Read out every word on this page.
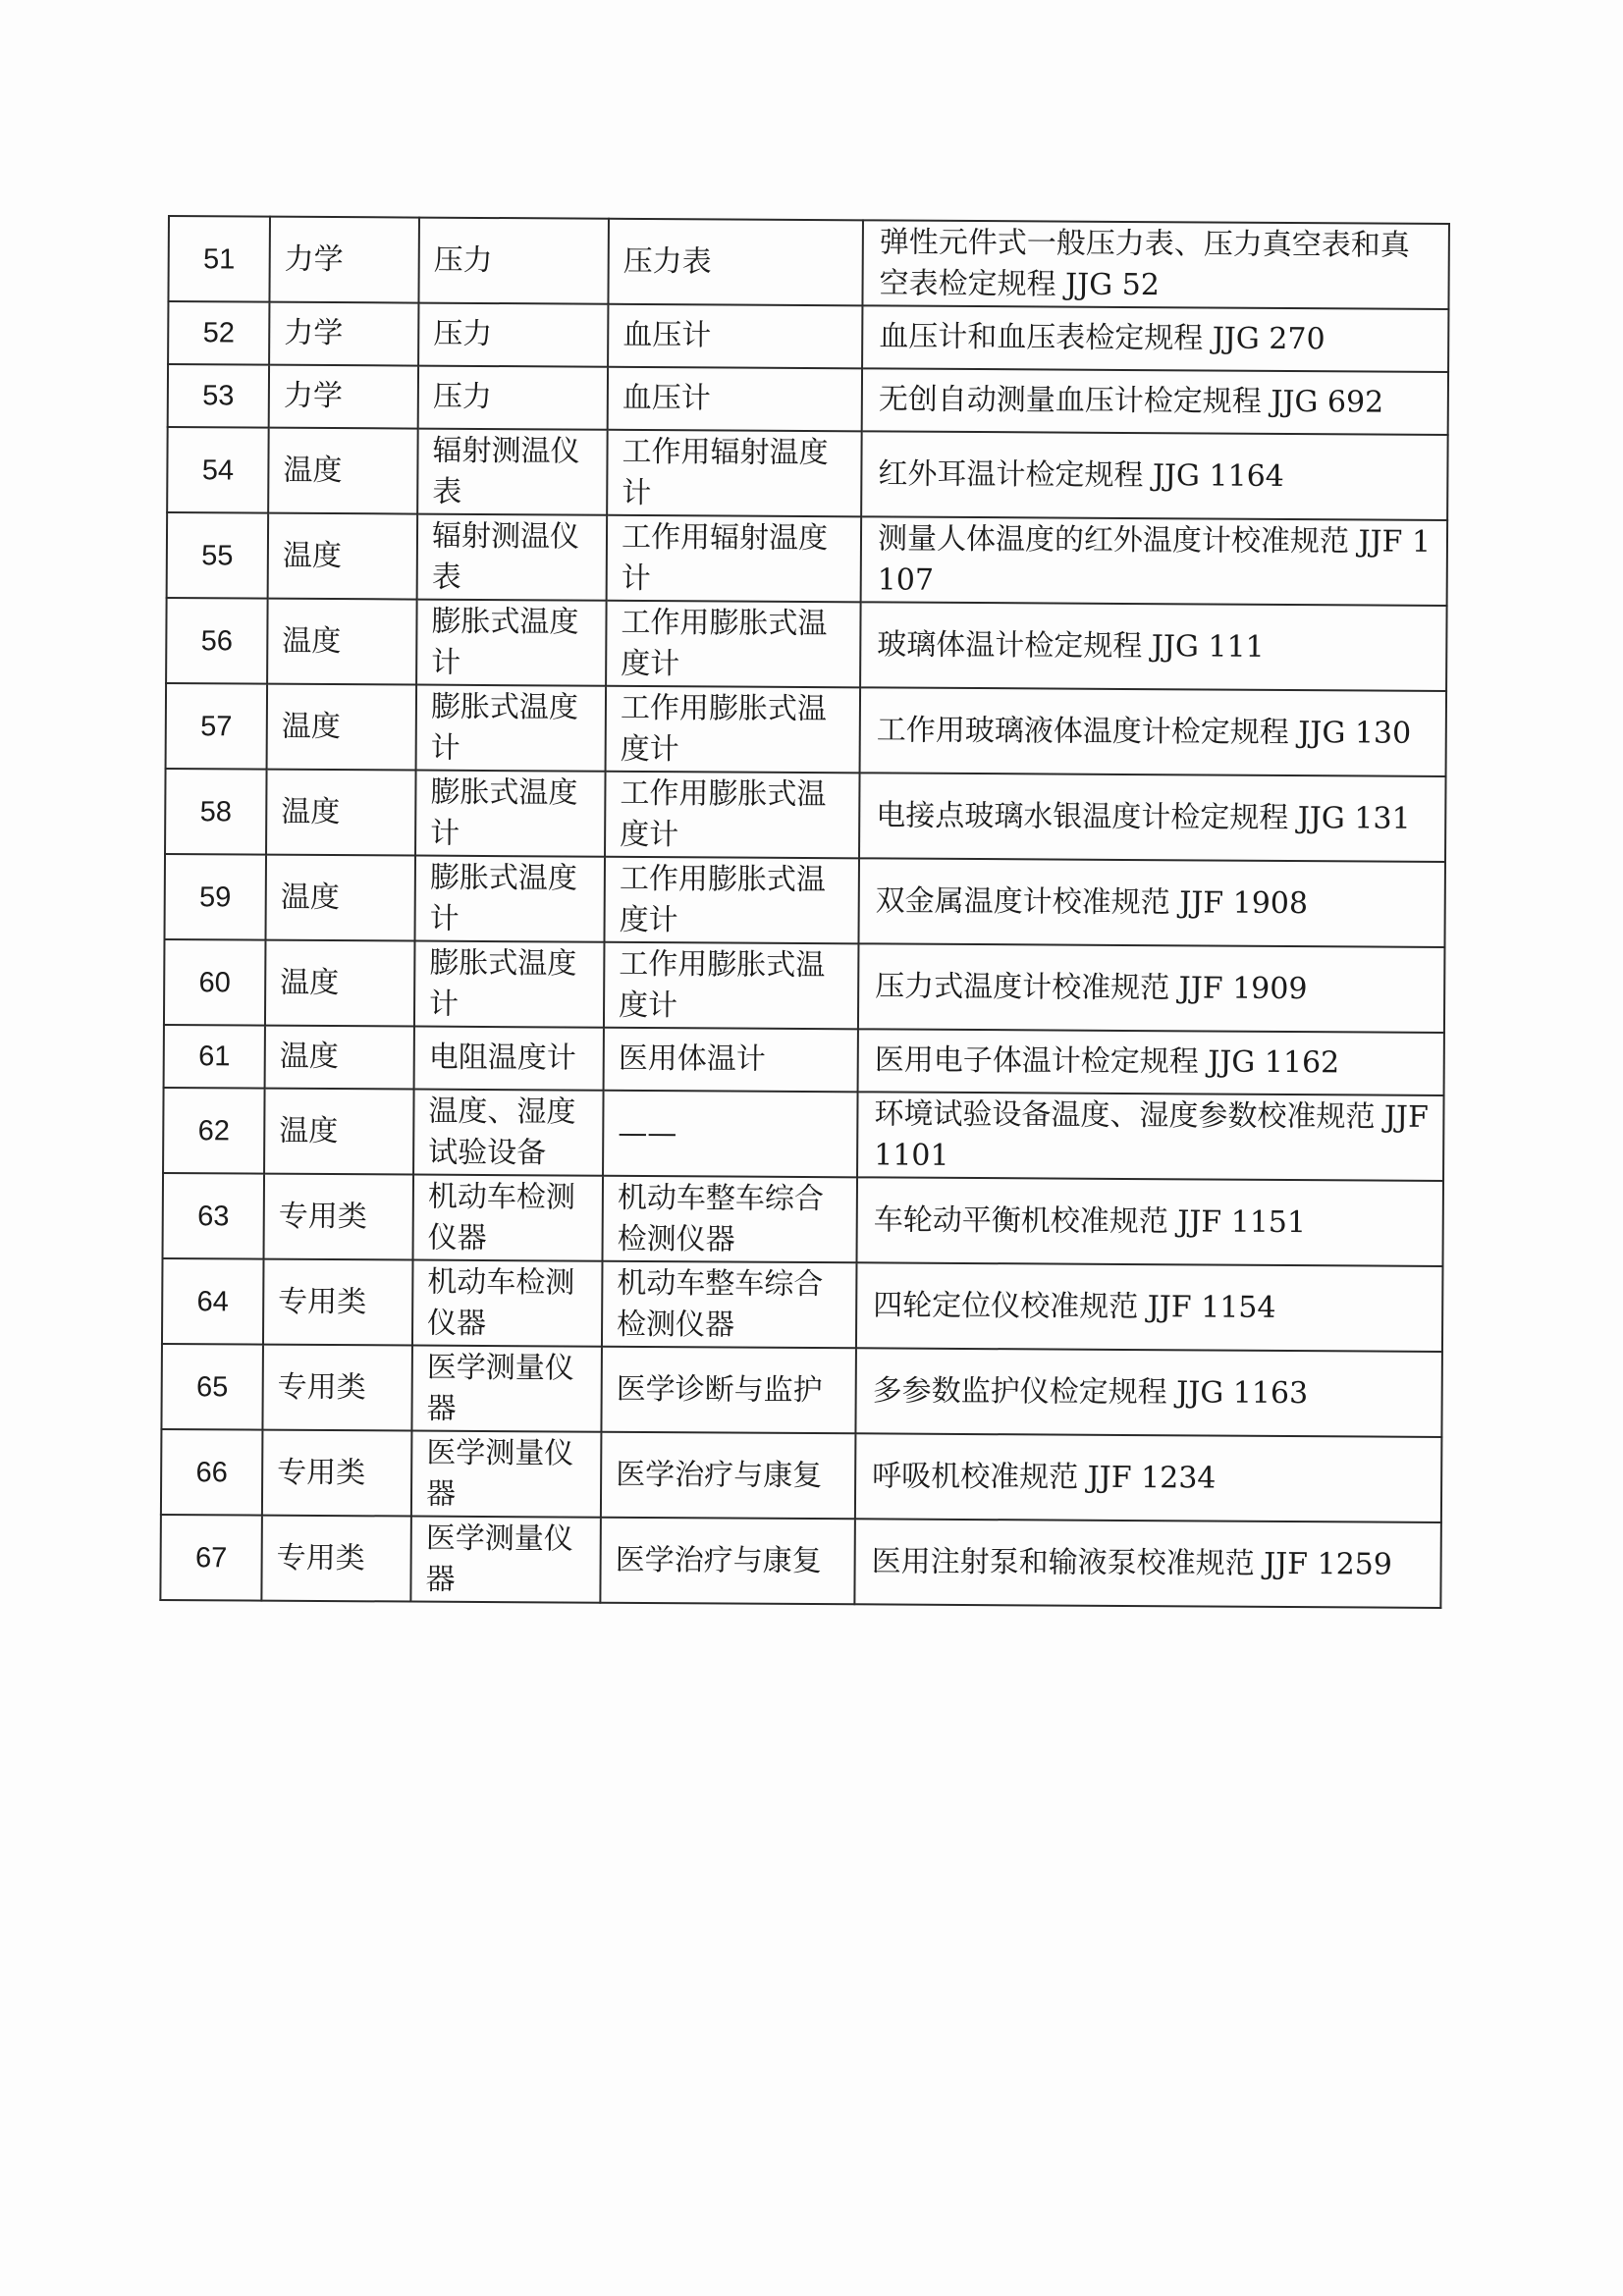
51	力学	压力	压力表	弹性元件式一般压力表、压力真空表和真空表检定规程 JJG 52
52	力学	压力	血压计	血压计和血压表检定规程 JJG 270
53	力学	压力	血压计	无创自动测量血压计检定规程 JJG 692
54	温度	辐射测温仪表	工作用辐射温度计	红外耳温计检定规程 JJG 1164
55	温度	辐射测温仪表	工作用辐射温度计	测量人体温度的红外温度计校准规范 JJF 1107
56	温度	膨胀式温度计	工作用膨胀式温度计	玻璃体温计检定规程 JJG 111
57	温度	膨胀式温度计	工作用膨胀式温度计	工作用玻璃液体温度计检定规程 JJG 130
58	温度	膨胀式温度计	工作用膨胀式温度计	电接点玻璃水银温度计检定规程 JJG 131
59	温度	膨胀式温度计	工作用膨胀式温度计	双金属温度计校准规范 JJF 1908
60	温度	膨胀式温度计	工作用膨胀式温度计	压力式温度计校准规范 JJF 1909
61	温度	电阻温度计	医用体温计	医用电子体温计检定规程 JJG 1162
62	温度	温度、湿度试验设备	——	环境试验设备温度、湿度参数校准规范 JJF 1101
63	专用类	机动车检测仪器	机动车整车综合检测仪器	车轮动平衡机校准规范 JJF 1151
64	专用类	机动车检测仪器	机动车整车综合检测仪器	四轮定位仪校准规范 JJF 1154
65	专用类	医学测量仪器	医学诊断与监护	多参数监护仪检定规程 JJG 1163
66	专用类	医学测量仪器	医学治疗与康复	呼吸机校准规范 JJF 1234
67	专用类	医学测量仪器	医学治疗与康复	医用注射泵和输液泵校准规范 JJF 1259
